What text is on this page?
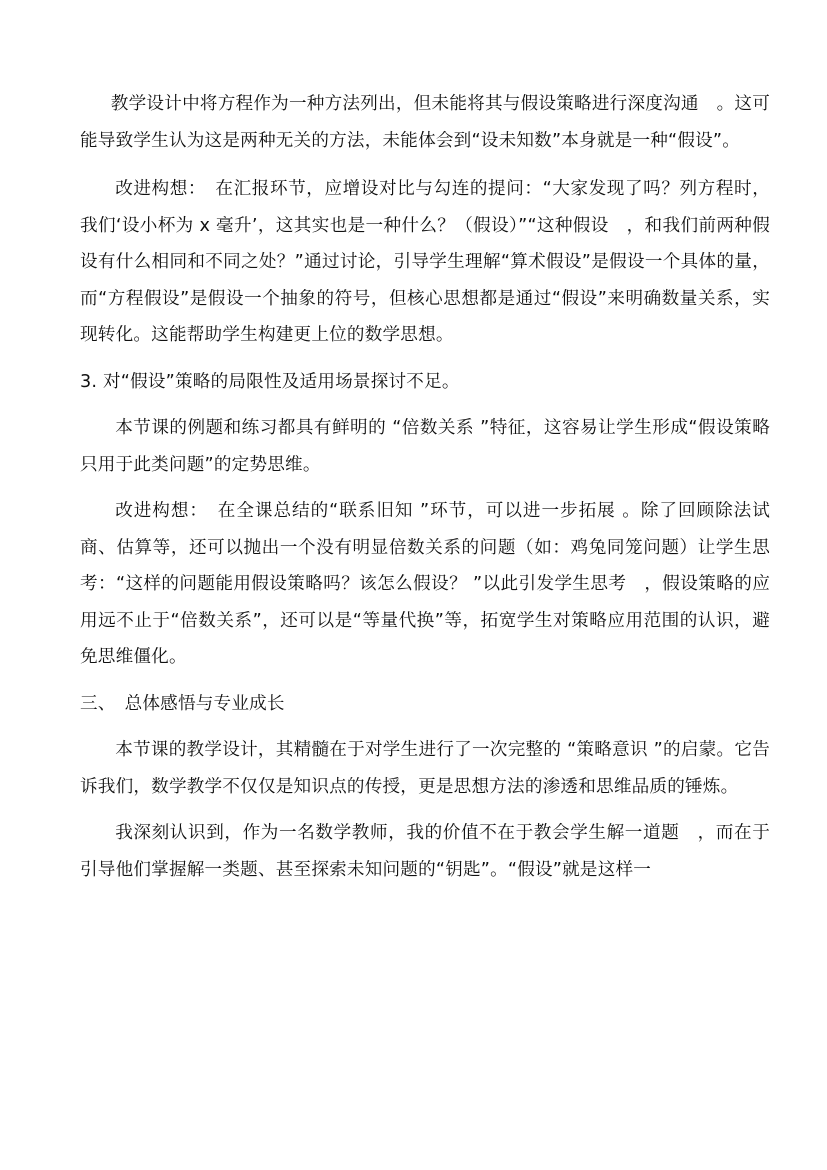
教学设计中将方程作为一种方法列出，但未能将其与假设策略进行深度沟通　。这可能导致学生认为这是两种无关的方法，未能体会到“设未知数”本身就是一种“假设”。

改进构想：　在汇报环节，应增设对比与勾连的提问：“大家发现了吗？列方程时，我们‘设小杯为 x 毫升’，这其实也是一种什么？（假设）”“这种假设　，和我们前两种假设有什么相同和不同之处？”通过讨论，引导学生理解“算术假设”是假设一个具体的量，而“方程假设”是假设一个抽象的符号，但核心思想都是通过“假设”来明确数量关系，实现转化。这能帮助学生构建更上位的数学思想。

3. 对“假设”策略的局限性及适用场景探讨不足。

本节课的例题和练习都具有鲜明的 “倍数关系 ”特征，这容易让学生形成“假设策略只用于此类问题”的定势思维。

改进构想：　在全课总结的“联系旧知 ”环节，可以进一步拓展 。除了回顾除法试商、估算等，还可以抛出一个没有明显倍数关系的问题（如：鸡兔同笼问题）让学生思考：“这样的问题能用假设策略吗？该怎么假设？ ”以此引发学生思考　，假设策略的应用远不止于“倍数关系”，还可以是“等量代换”等，拓宽学生对策略应用范围的认识，避免思维僵化。

三、　总体感悟与专业成长

本节课的教学设计，其精髓在于对学生进行了一次完整的 “策略意识 ”的启蒙。它告诉我们，数学教学不仅仅是知识点的传授，更是思想方法的渗透和思维品质的锤炼。

我深刻认识到，作为一名数学教师，我的价值不在于教会学生解一道题　，而在于引导他们掌握解一类题、甚至探索未知问题的“钥匙”。“假设”就是这样一
